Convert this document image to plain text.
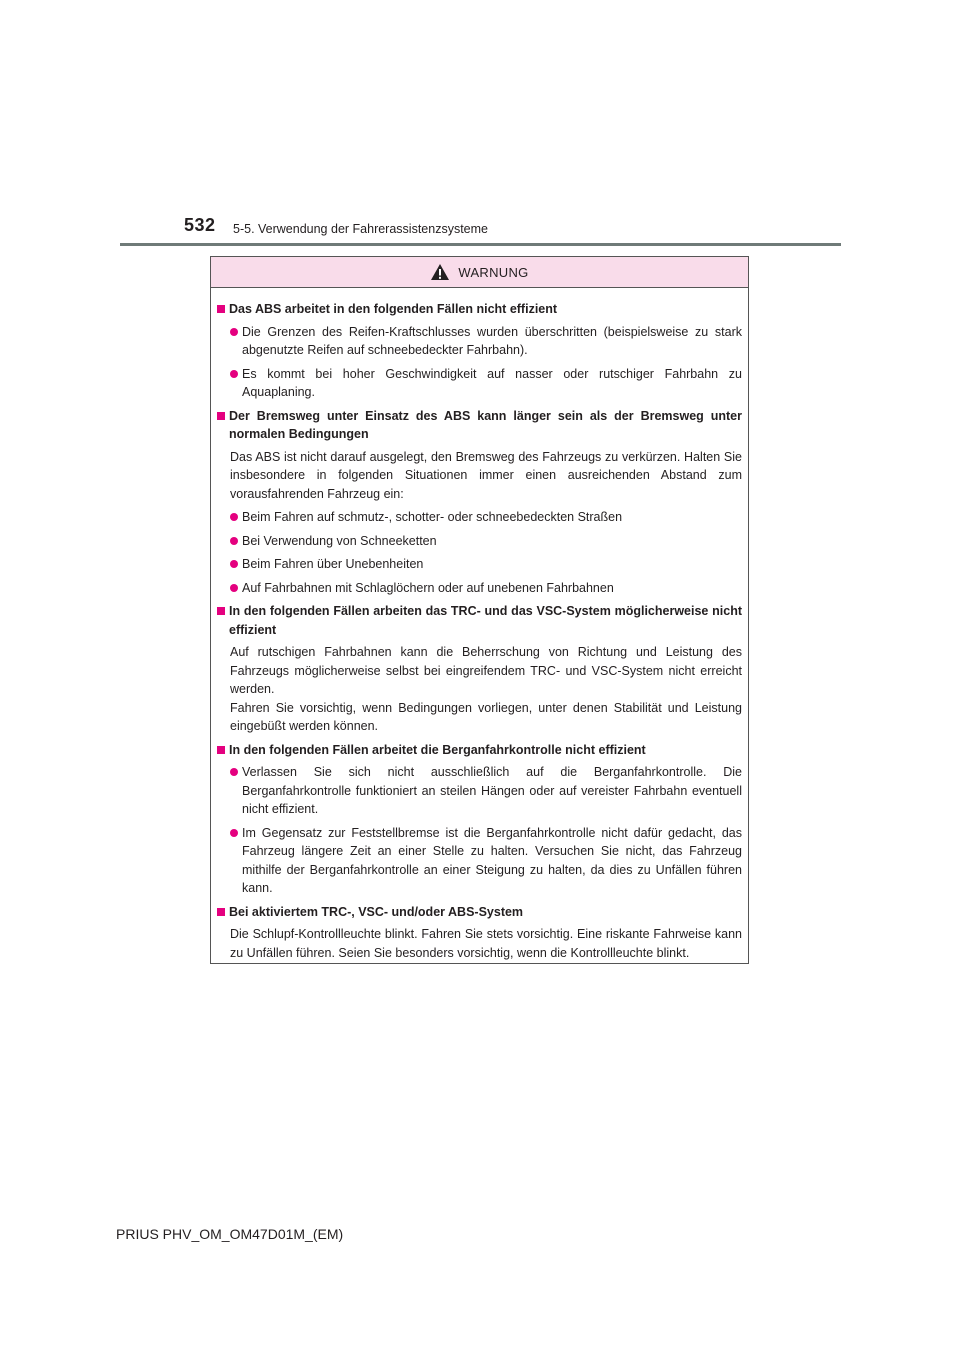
532 5-5. Verwendung der Fahrerassistenzsysteme
WARNUNG
Das ABS arbeitet in den folgenden Fällen nicht effizient
Die Grenzen des Reifen-Kraftschlusses wurden überschritten (beispielsweise zu stark abgenutzte Reifen auf schneebedeckter Fahrbahn).
Es kommt bei hoher Geschwindigkeit auf nasser oder rutschiger Fahrbahn zu Aquaplaning.
Der Bremsweg unter Einsatz des ABS kann länger sein als der Bremsweg unter normalen Bedingungen
Das ABS ist nicht darauf ausgelegt, den Bremsweg des Fahrzeugs zu verkürzen. Halten Sie insbesondere in folgenden Situationen immer einen ausreichenden Abstand zum vorausfahrenden Fahrzeug ein:
Beim Fahren auf schmutz-, schotter- oder schneebedeckten Straßen
Bei Verwendung von Schneeketten
Beim Fahren über Unebenheiten
Auf Fahrbahnen mit Schlaglöchern oder auf unebenen Fahrbahnen
In den folgenden Fällen arbeiten das TRC- und das VSC-System möglicherweise nicht effizient
Auf rutschigen Fahrbahnen kann die Beherrschung von Richtung und Leistung des Fahrzeugs möglicherweise selbst bei eingreifendem TRC- und VSC-System nicht erreicht werden.
Fahren Sie vorsichtig, wenn Bedingungen vorliegen, unter denen Stabilität und Leistung eingebüßt werden können.
In den folgenden Fällen arbeitet die Berganfahrkontrolle nicht effizient
Verlassen Sie sich nicht ausschließlich auf die Berganfahrkontrolle. Die Berganfahrkontrolle funktioniert an steilen Hängen oder auf vereister Fahrbahn eventuell nicht effizient.
Im Gegensatz zur Feststellbremse ist die Berganfahrkontrolle nicht dafür gedacht, das Fahrzeug längere Zeit an einer Stelle zu halten. Versuchen Sie nicht, das Fahrzeug mithilfe der Berganfahrkontrolle an einer Steigung zu halten, da dies zu Unfällen führen kann.
Bei aktiviertem TRC-, VSC- und/oder ABS-System
Die Schlupf-Kontrollleuchte blinkt. Fahren Sie stets vorsichtig. Eine riskante Fahrweise kann zu Unfällen führen. Seien Sie besonders vorsichtig, wenn die Kontrollleuchte blinkt.
PRIUS PHV_OM_OM47D01M_(EM)
